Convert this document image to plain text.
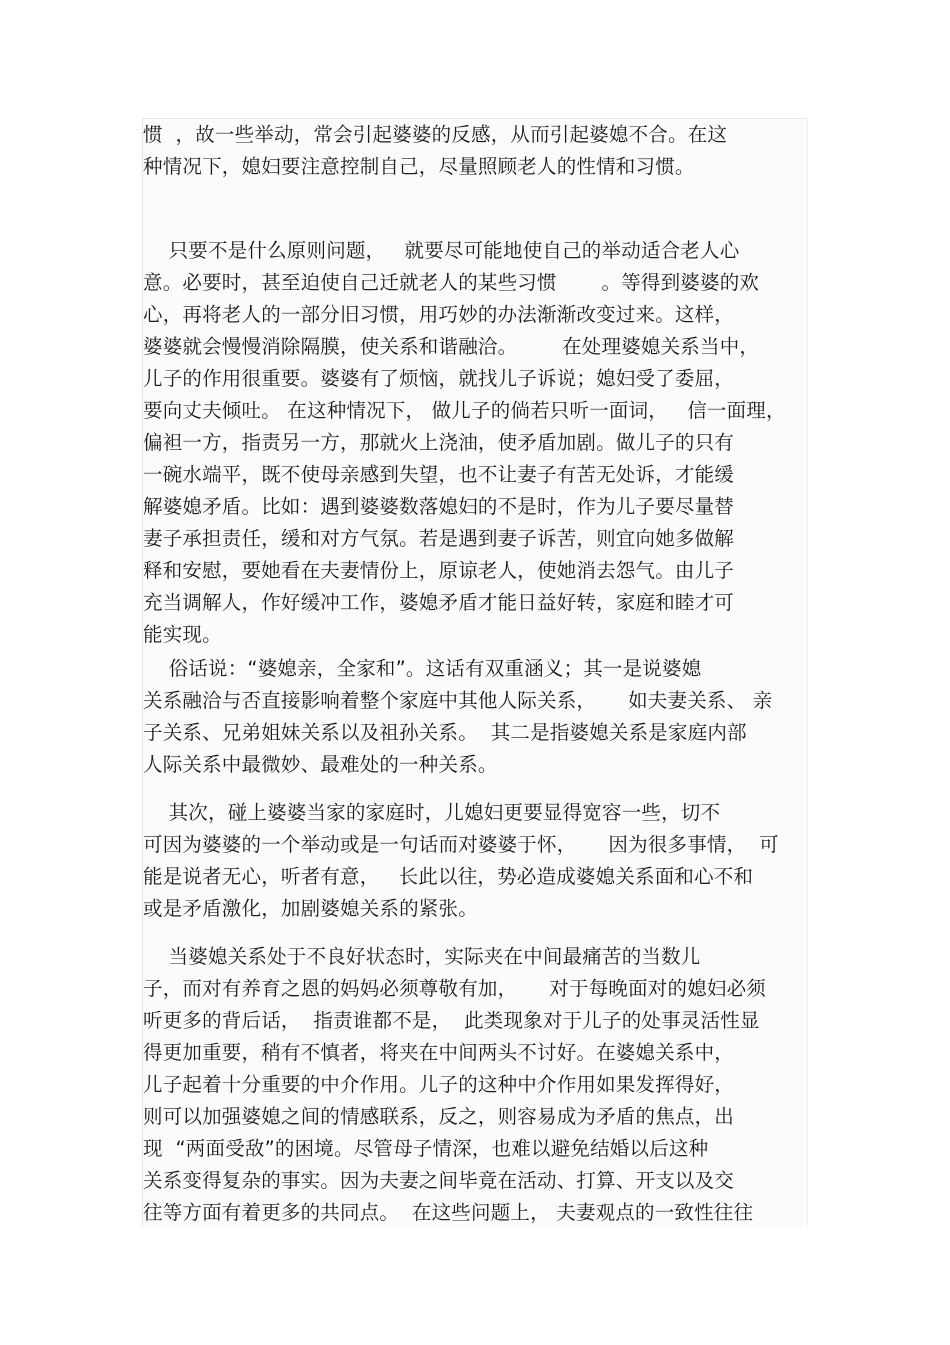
惯  ，故一些举动，常会引起婆婆的反感，从而引起婆媳不合。在这
种情况下，媳妇要注意控制自己，尽量照顾老人的性情和习惯。
只要不是什么原则问题，   就要尽可能地使自己的举动适合老人心
意。必要时，甚至迫使自己迁就老人的某些习惯       。等得到婆婆的欢
心，再将老人的一部分旧习惯，用巧妙的办法渐渐改变过来。这样，
婆婆就会慢慢消除隔膜，使关系和谐融洽。       在处理婆媳关系当中，
儿子的作用很重要。婆婆有了烦恼，就找儿子诉说；媳妇受了委屈，
要向丈夫倾吐。 在这种情况下， 做儿子的倘若只听一面词，   信一面理，
偏袒一方，指责另一方，那就火上浇油，使矛盾加剧。做儿子的只有
一碗水端平，既不使母亲感到失望，也不让妻子有苦无处诉，才能缓
解婆媳矛盾。比如：遇到婆婆数落媳妇的不是时，作为儿子要尽量替
妻子承担责任，缓和对方气氛。若是遇到妻子诉苦，则宜向她多做解
释和安慰，要她看在夫妻情份上，原谅老人，使她消去怨气。由儿子
充当调解人，作好缓冲工作，婆媳矛盾才能日益好转，家庭和睦才可
能实现。
俗话说：“婆媳亲，全家和”。这话有双重涵义；其一是说婆媳
关系融洽与否直接影响着整个家庭中其他人际关系，     如夫妻关系、 亲
子关系、兄弟姐妹关系以及祖孙关系。  其二是指婆媳关系是家庭内部
人际关系中最微妙、最难处的一种关系。
其次，碰上婆婆当家的家庭时，儿媳妇更要显得宽容一些，切不
可因为婆婆的一个举动或是一句话而对婆婆于怀，     因为很多事情，  可
能是说者无心，听者有意，   长此以往，势必造成婆媳关系面和心不和
或是矛盾激化，加剧婆媳关系的紧张。
当婆媳关系处于不良好状态时，实际夹在中间最痛苦的当数儿
子，而对有养育之恩的妈妈必须尊敬有加，     对于每晚面对的媳妇必须
听更多的背后话，  指责谁都不是，  此类现象对于儿子的处事灵活性显
得更加重要，稍有不慎者，将夹在中间两头不讨好。在婆媳关系中，
儿子起着十分重要的中介作用。儿子的这种中介作用如果发挥得好，
则可以加强婆媳之间的情感联系，反之，则容易成为矛盾的焦点，出
现  “两面受敌”的困境。尽管母子情深，也难以避免结婚以后这种
关系变得复杂的事实。因为夫妻之间毕竟在活动、打算、开支以及交
往等方面有着更多的共同点。  在这些问题上， 夫妻观点的一致性往往
